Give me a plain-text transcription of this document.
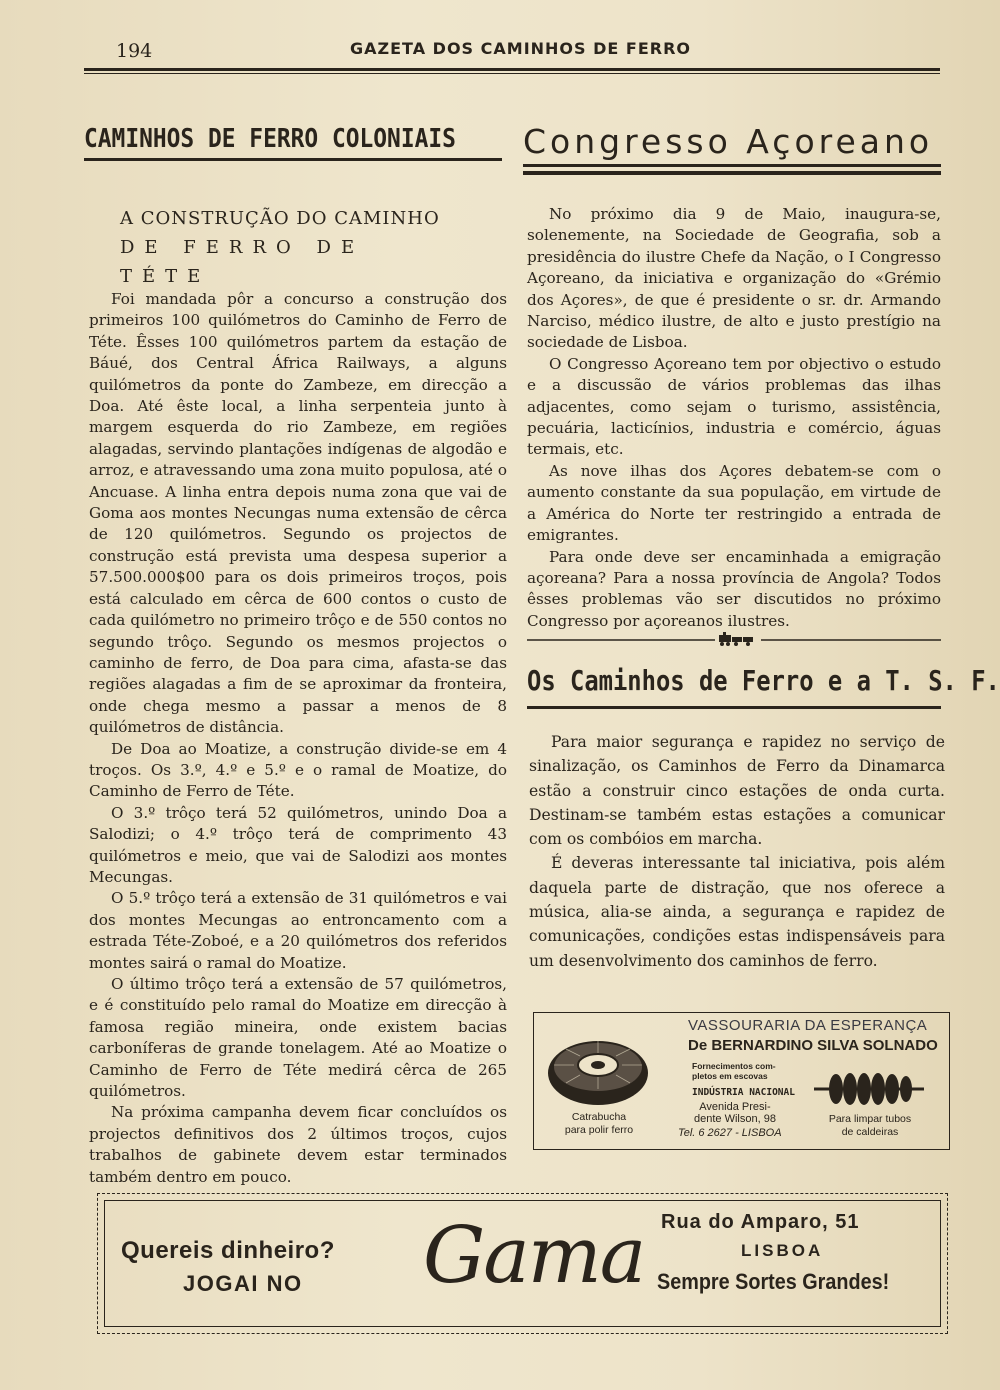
194	GAZETA DOS CAMINHOS DE FERRO
CAMINHOS DE FERRO COLONIAIS Congresso Açoreano
A CONSTRUÇÃO DO CAMINHO
DE FERRO DE TÉTE

Foi mandada pôr a concurso a construção dos primeiros 100 quilómetros do Caminho de Ferro de Téte. Êsses 100 quilómetros partem da estação de Báué, dos Central África Railways, a alguns quilómetros da ponte do Zambeze, em direcção a Doa. Até êste local, a linha serpenteia junto à margem esquerda do rio Zambeze, em regiões alagadas, servindo plantações indígenas de algodão e arroz, e atravessando uma zona muito populosa, até o Ancuase. A linha entra depois numa zona que vai de Goma aos montes Necungas numa extensão de cêrca de 120 quilómetros. Segundo os projectos de construção está prevista uma despesa superior a 57.500.000$00 para os dois primeiros troços, pois está calculado em cêrca de 600 contos o custo de cada quilómetro no primeiro trôço e de 550 contos no segundo trôço. Segundo os mesmos projectos o caminho de ferro, de Doa para cima, afasta-se das regiões alagadas a fim de se aproximar da fronteira, onde chega mesmo a passar a menos de 8 quilómetros de distância.

De Doa ao Moatize, a construção divide-se em 4 troços. Os 3.º, 4.º e 5.º e o ramal de Moatize, do Caminho de Ferro de Téte.

O 3.º trôço terá 52 quilómetros, unindo Doa a Salodizi; o 4.º trôço terá de comprimento 43 quilómetros e meio, que vai de Salodizi aos montes Mecungas.

O 5.º trôço terá a extensão de 31 quilómetros e vai dos montes Mecungas ao entroncamento com a estrada Téte-Zoboé, e a 20 quilómetros dos referidos montes sairá o ramal do Moatize.

O último trôço terá a extensão de 57 quilómetros, e é constituído pelo ramal do Moatize em direcção à famosa região mineira, onde existem bacias carboníferas de grande tonelagem. Até ao Moatize o Caminho de Ferro de Téte medirá cêrca de 265 quilómetros.

Na próxima campanha devem ficar concluídos os projectos definitivos dos 2 últimos troços, cujos trabalhos de gabinete devem estar terminados também dentro em pouco.

No próximo dia 9 de Maio, inaugura-se, solenemente, na Sociedade de Geografia, sob a presidência do ilustre Chefe da Nação, o I Congresso Açoreano, da iniciativa e organização do «Grémio dos Açores», de que é presidente o sr. dr. Armando Narciso, médico ilustre, de alto e justo prestígio na sociedade de Lisboa.

O Congresso Açoreano tem por objectivo o estudo e a discussão de vários problemas das ilhas adjacentes, como sejam o turismo, assistência, pecuária, lacticínios, industria e comércio, águas termais, etc.

As nove ilhas dos Açores debatem-se com o aumento constante da sua população, em virtude de a América do Norte ter restringido a entrada de emigrantes.

Para onde deve ser encaminhada a emigração açoreana? Para a nossa província de Angola? Todos êsses problemas vão ser discutidos no próximo Congresso por açoreanos ilustres.

Os Caminhos de Ferro e a T. S. F.

Para maior segurança e rapidez no serviço de sinalização, os Caminhos de Ferro da Dinamarca estão a construir cinco estações de onda curta. Destinam-se também estas estações a comunicar com os combóios em marcha.

É deveras interessante tal iniciativa, pois além daquela parte de distração, que nos oferece a música, alia-se ainda, a segurança e rapidez de comunicações, condições estas indispensáveis para um desenvolvimento dos caminhos de ferro.

Catrabucha
para polir ferro
VASSOURARIA DA ESPERANÇA
De BERNARDINO SILVA SOLNADO
Fornecimentos com-
pletos em escovas
INDÚSTRIA NACIONAL
Avenida Presi-
dente Wilson, 98
Tel. 6 2627 - LISBOA
Para limpar tubos
de caldeiras
Quereis dinheiro?
JOGAI NO Gama Rua do Amparo, 51
LISBOA
Sempre Sortes Grandes!
